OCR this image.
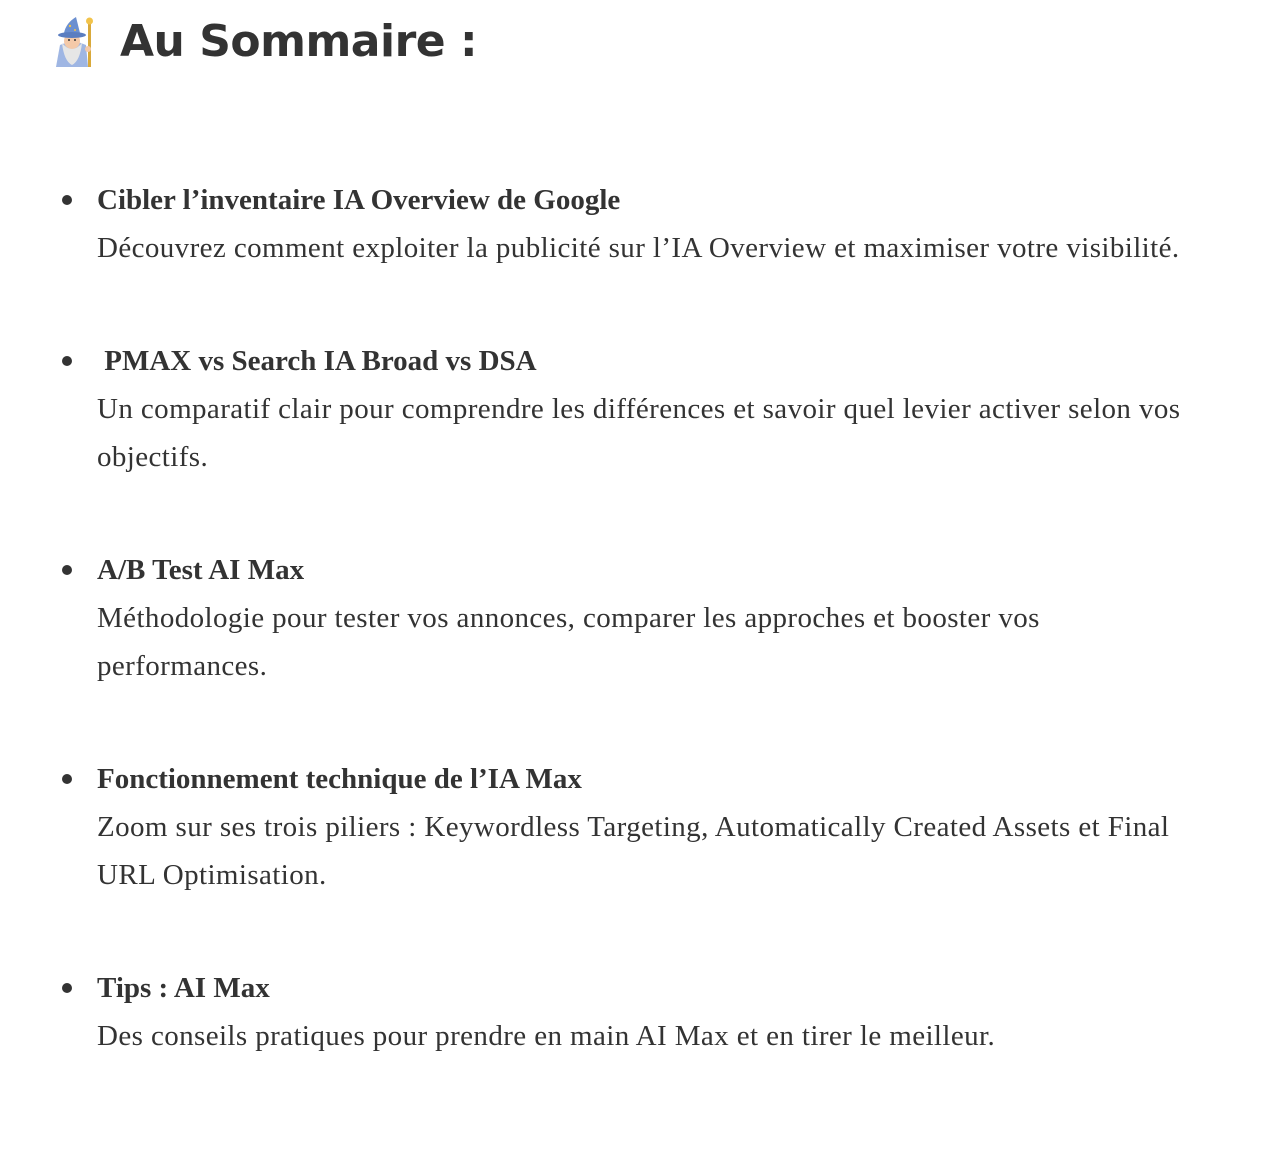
Au Sommaire :
Cibler l’inventaire IA Overview de Google
Découvrez comment exploiter la publicité sur l’IA Overview et maximiser votre visibilité.
PMAX vs Search IA Broad vs DSA
Un comparatif clair pour comprendre les différences et savoir quel levier activer selon vos objectifs.
A/B Test AI Max
Méthodologie pour tester vos annonces, comparer les approches et booster vos performances.
Fonctionnement technique de l’IA Max
Zoom sur ses trois piliers : Keywordless Targeting, Automatically Created Assets et Final URL Optimisation.
Tips : AI Max
Des conseils pratiques pour prendre en main AI Max et en tirer le meilleur.
